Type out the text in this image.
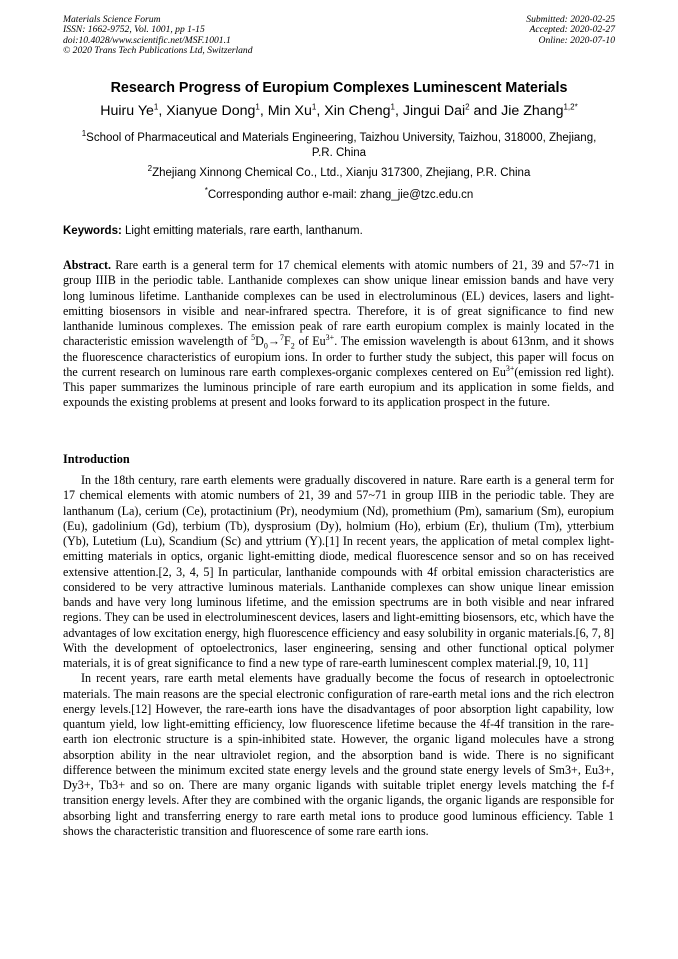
Materials Science Forum
ISSN: 1662-9752, Vol. 1001, pp 1-15
doi:10.4028/www.scientific.net/MSF.1001.1
© 2020 Trans Tech Publications Ltd, Switzerland
Submitted: 2020-02-25
Accepted: 2020-02-27
Online: 2020-07-10
Research Progress of Europium Complexes Luminescent Materials
Huiru Ye$^1$, Xianyue Dong$^1$, Min Xu$^1$, Xin Cheng$^1$, Jingui Dai$^2$ and Jie Zhang$^{1,2*}$
$^1$School of Pharmaceutical and Materials Engineering, Taizhou University, Taizhou, 318000, Zhejiang, P.R. China
$^2$Zhejiang Xinnong Chemical Co., Ltd., Xianju 317300, Zhejiang, P.R. China
*Corresponding author e-mail: zhang_jie@tzc.edu.cn
Keywords: Light emitting materials, rare earth, lanthanum.
Abstract. Rare earth is a general term for 17 chemical elements with atomic numbers of 21, 39 and 57~71 in group IIIB in the periodic table. Lanthanide complexes can show unique linear emission bands and have very long luminous lifetime. Lanthanide complexes can be used in electroluminous (EL) devices, lasers and light-emitting biosensors in visible and near-infrared spectra. Therefore, it is of great significance to find new lanthanide luminous complexes. The emission peak of rare earth europium complex is mainly located in the characteristic emission wavelength of $^5D_0\to^7F_2$ of $Eu^{3+}$. The emission wavelength is about 613nm, and it shows the fluorescence characteristics of europium ions. In order to further study the subject, this paper will focus on the current research on luminous rare earth complexes-organic complexes centered on $Eu^{3+}(emission$ red light). This paper summarizes the luminous principle of rare earth europium and its application in some fields, and expounds the existing problems at present and looks forward to its application prospect in the future.
Introduction

In the 18th century, rare earth elements were gradually discovered in nature. Rare earth is a general term for 17 chemical elements with atomic numbers of 21, 39 and 57~71 in group IIIB in the periodic table. They are lanthanum (La), cerium (Ce), protactinium (Pr), neodymium (Nd), promethium (Pm), samarium (Sm), europium (Eu), gadolinium (Gd), terbium (Tb), dysprosium (Dy), holmium (Ho), erbium (Er), thulium (Tm), ytterbium (Yb), Lutetium (Lu), Scandium (Sc) and yttrium (Y).[1] In recent years, the application of metal complex light-emitting materials in optics, organic light-emitting diode, medical fluorescence sensor and so on has received extensive attention.[2, 3, 4, 5] In particular, lanthanide compounds with 4f orbital emission characteristics are considered to be very attractive luminous materials. Lanthanide complexes can show unique linear emission bands and have very long luminous lifetime, and the emission spectrums are in both visible and near infrared regions. They can be used in electroluminescent devices, lasers and light-emitting biosensors, etc, which have the advantages of low excitation energy, high fluorescence efficiency and easy solubility in organic materials.[6, 7, 8] With the development of optoelectronics, laser engineering, sensing and other functional optical polymer materials, it is of great significance to find a new type of rare-earth luminescent complex material.[9, 10, 11]

In recent years, rare earth metal elements have gradually become the focus of research in optoelectronic materials. The main reasons are the special electronic configuration of rare-earth metal ions and the rich electron energy levels.[12] However, the rare-earth ions have the disadvantages of poor absorption light capability, low quantum yield, low light-emitting efficiency, low fluorescence lifetime because the 4f-4f transition in the rare-earth ion electronic structure is a spin-inhibited state. However, the organic ligand molecules have a strong absorption ability in the near ultraviolet region, and the absorption band is wide. There is no significant difference between the minimum excited state energy levels and the ground state energy levels of Sm3+, Eu3+, Dy3+, Tb3+ and so on. There are many organic ligands with suitable triplet energy levels matching the f-f transition energy levels. After they are combined with the organic ligands, the organic ligands are responsible for absorbing light and transferring energy to rare earth metal ions to produce good luminous efficiency. Table 1 shows the characteristic transition and fluorescence of some rare earth ions.
